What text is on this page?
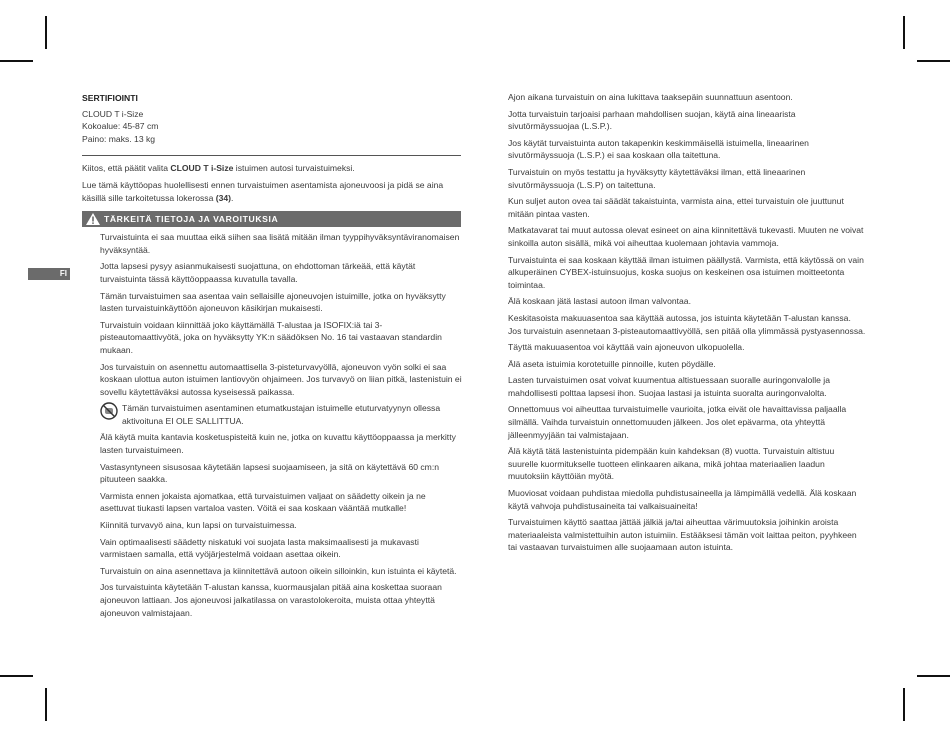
FI
SERTIFIOINTI
CLOUD T i-Size
Kokoalue: 45-87 cm
Paino: maks. 13 kg

Kiitos, että päätit valita CLOUD T i-Size istuimen autosi turvaistuimeksi.

Lue tämä käyttöopas huolellisesti ennen turvaistuimen asentamista ajoneuvoosi ja pidä se aina käsillä sille tarkoitetussa lokerossa (34).

TÄRKEITÄ TIETOJA JA VAROITUKSIA

Turvaistuinta ei saa muuttaa eikä siihen saa lisätä mitään ilman tyyppihyväksyntäviranomaisen hyväksyntää.

Jotta lapsesi pysyy asianmukaisesti suojattuna, on ehdottoman tärkeää, että käytät turvaistuinta tässä käyttöoppaassa kuvatulla tavalla.

Tämän turvaistuimen saa asentaa vain sellaisille ajoneuvojen istuimille, jotka on hyväksytty lasten turvaistuinkäyttöön ajoneuvon käsikirjan mukaisesti.

Turvaistuin voidaan kiinnittää joko käyttämällä T-alustaa ja ISOFIX:iä tai 3-pisteautomaattivyötä, joka on hyväksytty YK:n säädöksen No. 16 tai vastaavan standardin mukaan.

Jos turvaistuin on asennettu automaattisella 3-pisteturvavyöllä, ajoneuvon vyön solki ei saa koskaan ulottua auton istuimen lantiovyön ohjaimeen. Jos turvavyö on liian pitkä, lastenistuin ei sovellu käytettäväksi autossa kyseisessä paikassa.

Tämän turvaistuimen asentaminen etumatkustajan istuimelle etuturvatyynyn ollessa aktivoituna EI OLE SALLITTUA.

Älä käytä muita kantavia kosketuspisteitä kuin ne, jotka on kuvattu käyttöoppaassa ja merkitty lasten turvaistuimeen.

Vastasyntyneen sisusosaa käytetään lapsesi suojaamiseen, ja sitä on käytettävä 60 cm:n pituuteen saakka.

Varmista ennen jokaista ajomatkaa, että turvaistuimen valjaat on säädetty oikein ja ne asettuvat tiukasti lapsen vartaloa vasten. Vöitä ei saa koskaan vääntää mutkalle!

Kiinnitä turvavyö aina, kun lapsi on turvaistuimessa.

Vain optimaalisesti säädetty niskatuki voi suojata lasta maksimaalisesti ja mukavasti varmistaen samalla, että vyöjärjestelmä voidaan asettaa oikein.

Turvaistuin on aina asennettava ja kiinnitettävä autoon oikein silloinkin, kun istuinta ei käytetä.

Jos turvaistuinta käytetään T-alustan kanssa, kuormausjalan pitää aina koskettaa suoraan ajoneuvon lattiaan. Jos ajoneuvosi jalkatilassa on varastolokeroita, muista ottaa yhteyttä ajoneuvon valmistajaan.

Ajon aikana turvaistuin on aina lukittava taaksepäin suunnattuun asentoon.

Jotta turvaistuin tarjoaisi parhaan mahdollisen suojan, käytä aina lineaarista sivutörmäyssuojaa (L.S.P.).

Jos käytät turvaistuinta auton takapenkin keskimmäisellä istuimella, lineaarinen sivutörmäyssuoja (L.S.P.) ei saa koskaan olla taitettuna.

Turvaistuin on myös testattu ja hyväksytty käytettäväksi ilman, että lineaarinen sivutörmäyssuoja (L.S.P) on taitettuna.

Kun suljet auton ovea tai säädät takaistuinta, varmista aina, ettei turvaistuin ole juuttunut mitään pintaa vasten.

Matkatavarat tai muut autossa olevat esineet on aina kiinnitettävä tukevasti. Muuten ne voivat sinkoilla auton sisällä, mikä voi aiheuttaa kuolemaan johtavia vammoja.

Turvaistuinta ei saa koskaan käyttää ilman istuimen päällystä. Varmista, että käytössä on vain alkuperäinen CYBEX-istuinsuojus, koska suojus on keskeinen osa istuimen moitteetonta toimintaa.

Älä koskaan jätä lastasi autoon ilman valvontaa.

Keskitasoista makuuasentoa saa käyttää autossa, jos istuinta käytetään T-alustan kanssa. Jos turvaistuin asennetaan 3-pisteautomaattivyöllä, sen pitää olla ylimmässä pystyasennossa.

Täyttä makuuasentoa voi käyttää vain ajoneuvon ulkopuolella.

Älä aseta istuimia korotetuille pinnoille, kuten pöydälle.

Lasten turvaistuimen osat voivat kuumentua altistuessaan suoralle auringonvalolle ja mahdollisesti polttaa lapsesi ihon. Suojaa lastasi ja istuinta suoralta auringonvalolta.

Onnettomuus voi aiheuttaa turvaistuimelle vaurioita, jotka eivät ole havaittavissa paljaalla silmällä. Vaihda turvaistuin onnettomuuden jälkeen. Jos olet epävarma, ota yhteyttä jälleenmyyjään tai valmistajaan.

Älä käytä tätä lastenistuinta pidempään kuin kahdeksan (8) vuotta. Turvaistuin altistuu suurelle kuormitukselle tuotteen elinkaaren aikana, mikä johtaa materiaalien laadun muutoksiin käyttöiän myötä.

Muoviosat voidaan puhdistaa miedolla puhdistusaineella ja lämpimällä vedellä. Älä koskaan käytä vahvoja puhdistusaineita tai valkaisuaineita!

Turvaistuimen käyttö saattaa jättää jälkiä ja/tai aiheuttaa värimuutoksia joihinkin aroista materiaaleista valmistettuihin auton istuimiin. Estääksesi tämän voit laittaa peiton, pyyhkeen tai vastaavan turvaistuimen alle suojaamaan auton istuinta.
